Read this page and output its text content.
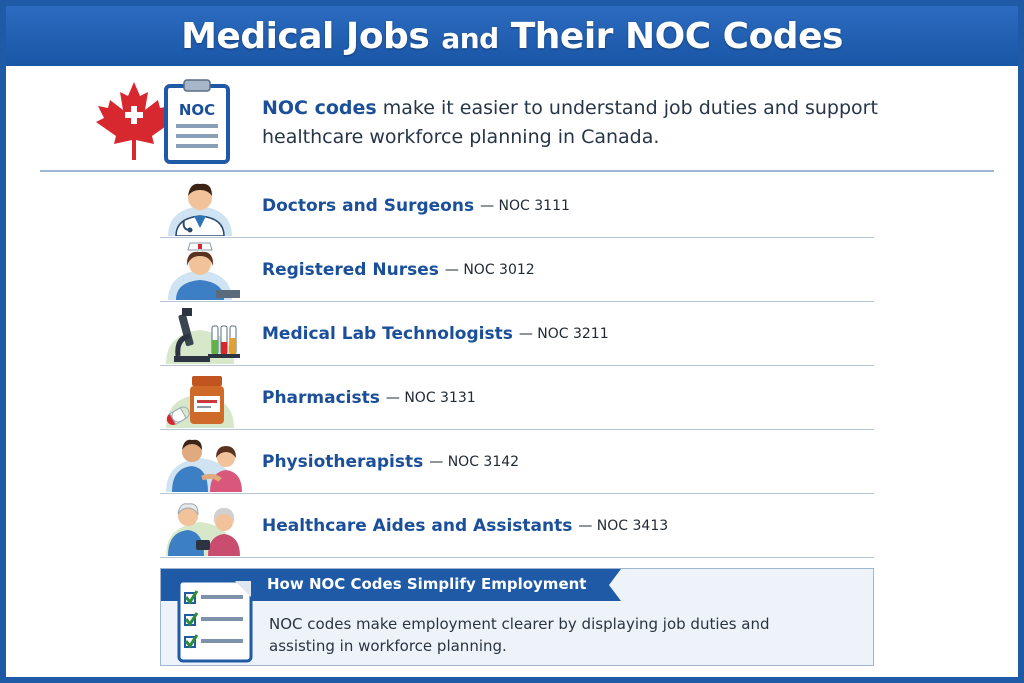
Medical Jobs and Their NOC Codes
NOC NOC codes make it easier to understand job duties and support healthcare workforce planning in Canada.
Doctors and Surgeons — NOC 3111
Registered Nurses — NOC 3012
Medical Lab Technologists — NOC 3211
Pharmacists — NOC 3131
Physiotherapists — NOC 3142
Healthcare Aides and Assistants — NOC 3413
How NOC Codes Simplify Employment
NOC codes make employment clearer by displaying job duties and assisting in workforce planning.
